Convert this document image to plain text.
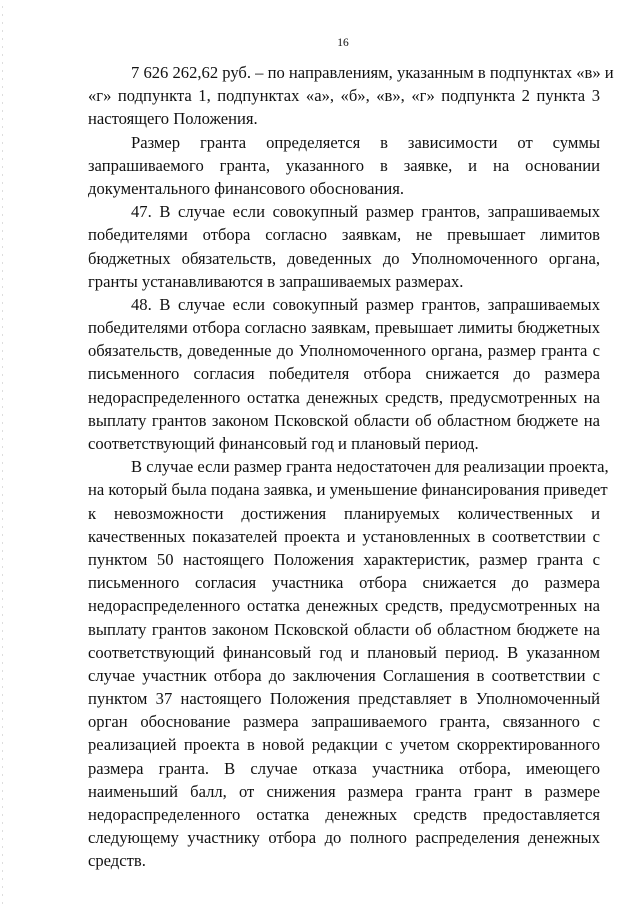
16
7 626 262,62 руб. – по направлениям, указанным в подпунктах «в» и
«г» подпункта 1, подпунктах «а», «б», «в», «г» подпункта 2 пункта 3
настоящего Положения.
Размер гранта определяется в зависимости от суммы
запрашиваемого гранта, указанного в заявке, и на основании
документального финансового обоснования.
47. В случае если совокупный размер грантов, запрашиваемых
победителями отбора согласно заявкам, не превышает лимитов
бюджетных обязательств, доведенных до Уполномоченного органа,
гранты устанавливаются в запрашиваемых размерах.
48. В случае если совокупный размер грантов, запрашиваемых
победителями отбора согласно заявкам, превышает лимиты бюджетных
обязательств, доведенные до Уполномоченного органа, размер гранта с
письменного согласия победителя отбора снижается до размера
недораспределенного остатка денежных средств, предусмотренных на
выплату грантов законом Псковской области об областном бюджете на
соответствующий финансовый год и плановый период.
В случае если размер гранта недостаточен для реализации проекта,
на который была подана заявка, и уменьшение финансирования приведет
к невозможности достижения планируемых количественных и
качественных показателей проекта и установленных в соответствии с
пунктом 50 настоящего Положения характеристик, размер гранта с
письменного согласия участника отбора снижается до размера
недораспределенного остатка денежных средств, предусмотренных на
выплату грантов законом Псковской области об областном бюджете на
соответствующий финансовый год и плановый период. В указанном
случае участник отбора до заключения Соглашения в соответствии с
пунктом 37 настоящего Положения представляет в Уполномоченный
орган обоснование размера запрашиваемого гранта, связанного с
реализацией проекта в новой редакции с учетом скорректированного
размера гранта. В случае отказа участника отбора, имеющего
наименьший балл, от снижения размера гранта грант в размере
недораспределенного остатка денежных средств предоставляется
следующему участнику отбора до полного распределения денежных
средств.
